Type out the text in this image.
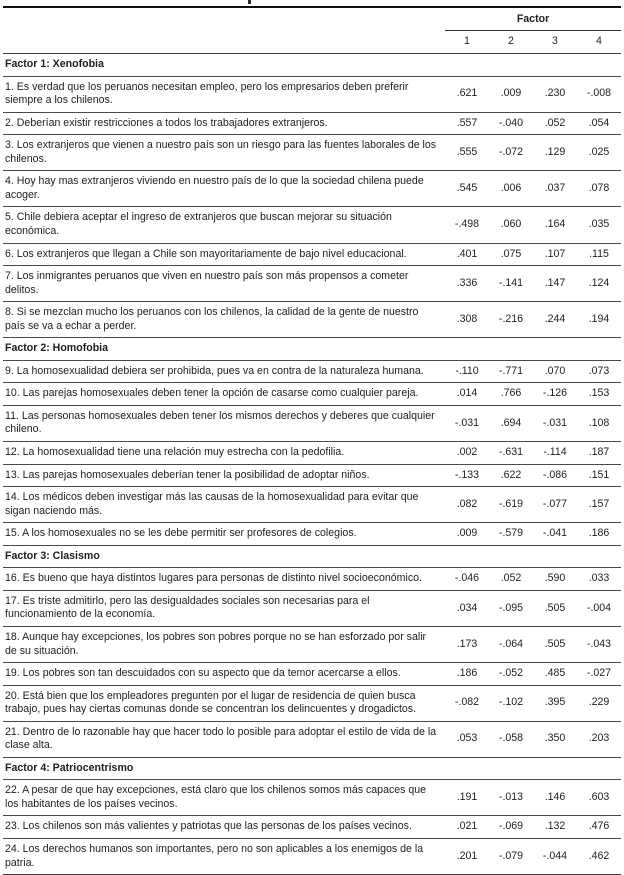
	Factor			
	1	2	3	4
Factor 1: Xenofobia				
1. Es verdad que los peruanos necesitan empleo, pero los empresarios deben preferir siempre a los chilenos.	.621	.009	.230	-.008
2. Deberían existir restricciones a todos los trabajadores extranjeros.	.557	-.040	.052	.054
3. Los extranjeros que vienen a nuestro país son un riesgo para las fuentes laborales de los chilenos.	.555	-.072	.129	.025
4. Hoy hay mas extranjeros viviendo en nuestro país de lo que la sociedad chilena puede acoger.	.545	.006	.037	.078
5. Chile debiera aceptar el ingreso de extranjeros que buscan mejorar su situación económica.	-.498	.060	.164	.035
6. Los extranjeros que llegan a Chile son mayoritariamente de bajo nivel educacional.	.401	.075	.107	.115
7. Los inmigrantes peruanos que viven en nuestro país son más propensos a cometer delitos.	.336	-.141	.147	.124
8. Si se mezclan mucho los peruanos con los chilenos, la calidad de la gente de nuestro país se va a echar a perder.	.308	-.216	.244	.194
Factor 2: Homofobia				
9. La homosexualidad debiera ser prohibida, pues va en contra de la naturaleza humana.	-.110	-.771	.070	.073
10. Las parejas homosexuales deben tener la opción de casarse como cualquier pareja.	.014	.766	-.126	.153
11. Las personas homosexuales deben tener los mismos derechos y deberes que cualquier chileno.	-.031	.694	-.031	.108
12. La homosexualidad tiene una relación muy estrecha con la pedofilia.	.002	-.631	-.114	.187
13. Las parejas homosexuales deberían tener la posibilidad de adoptar niños.	-.133	.622	-.086	.151
14. Los médicos deben investigar más las causas de la homosexualidad para evitar que sigan naciendo más.	.082	-.619	-.077	.157
15. A los homosexuales no se les debe permitir ser profesores de colegios.	.009	-.579	-.041	.186
Factor 3: Clasismo				
16. Es bueno que haya distintos lugares para personas de distinto nivel socioeconómico.	-.046	.052	.590	.033
17. Es triste admitirlo, pero las desigualdades sociales son necesarias para el funcionamiento de la economía.	.034	-.095	.505	-.004
18. Aunque hay excepciones, los pobres son pobres porque no se han esforzado por salir de su situación.	.173	-.064	.505	-.043
19. Los pobres son tan descuidados con su aspecto que da temor acercarse a ellos.	.186	-.052	.485	-.027
20. Está bien que los empleadores pregunten por el lugar de residencia de quien busca trabajo, pues hay ciertas comunas donde se concentran los delincuentes y drogadictos.	-.082	-.102	.395	.229
21. Dentro de lo razonable hay que hacer todo lo posible para adoptar el estilo de vida de la clase alta.	.053	-.058	.350	.203
Factor 4: Patriocentrismo				
22. A pesar de que hay excepciones, está claro que los chilenos somos más capaces que los habitantes de los países vecinos.	.191	-.013	.146	.603
23. Los chilenos son más valientes y patriotas que las personas de los países vecinos.	.021	-.069	.132	.476
24. Los derechos humanos son importantes, pero no son aplicables a los enemigos de la patria.	.201	-.079	-.044	.462
